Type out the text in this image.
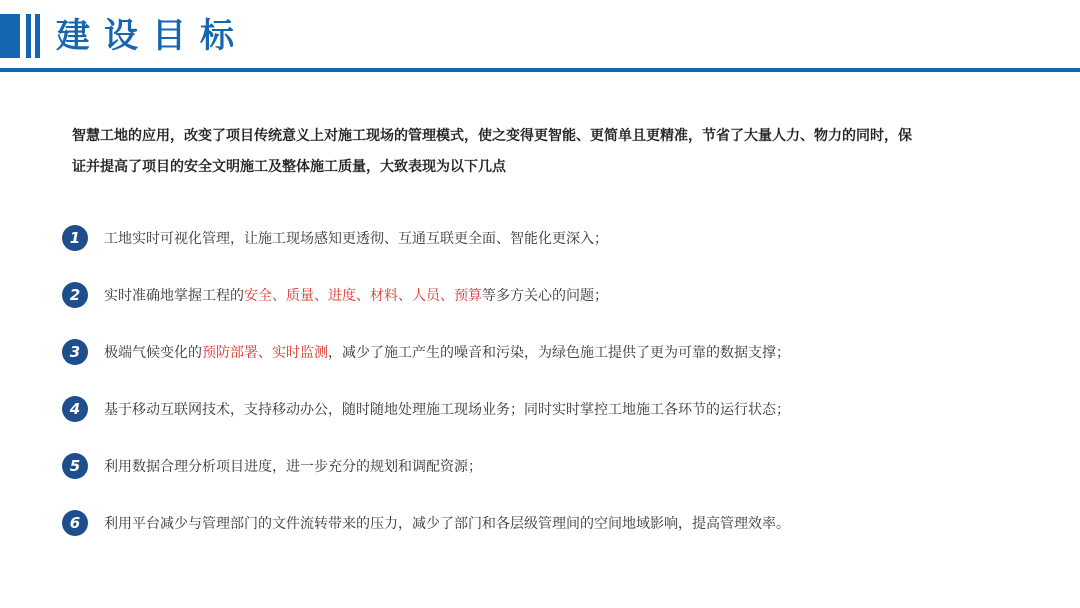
建设目标

智慧工地的应用，改变了项目传统意义上对施工现场的管理模式，使之变得更智能、更简单且更精准，节省了大量人力、物力的同时，保

证并提高了项目的安全文明施工及整体施工质量，大致表现为以下几点

1	工地实时可视化管理，让施工现场感知更透彻、互通互联更全面、智能化更深入；
2	实时准确地掌握工程的安全、质量、进度、材料、人员、预算等多方关心的问题；
3	极端气候变化的预防部署、实时监测，减少了施工产生的噪音和污染，为绿色施工提供了更为可靠的数据支撑；
4	基于移动互联网技术，支持移动办公，随时随地处理施工现场业务；同时实时掌控工地施工各环节的运行状态；
5	利用数据合理分析项目进度，进一步充分的规划和调配资源；
6	利用平台减少与管理部门的文件流转带来的压力，减少了部门和各层级管理间的空间地域影响，提高管理效率。
